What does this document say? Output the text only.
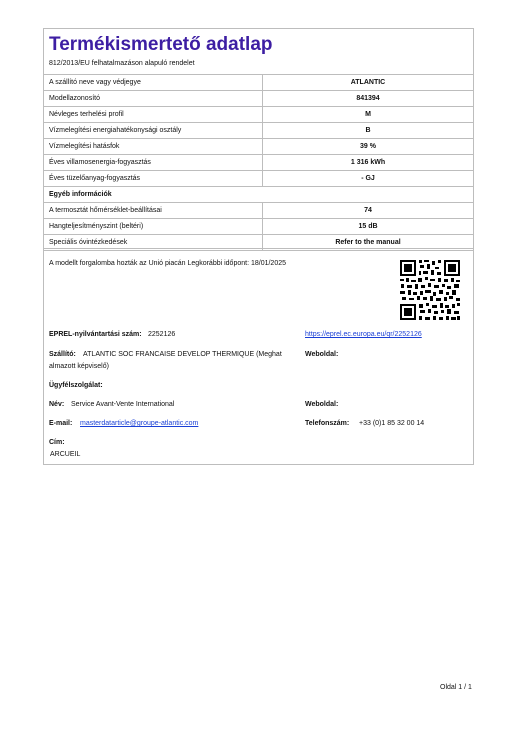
Termékismertető adatlap
812/2013/EU felhatalmazáson alapuló rendelet
A szállító neve vagy védjegye	ATLANTIC
Modellazonosító	841394
Névleges terhelési profil	M
Vízmelegítési energiahatékonysági osztály	B
Vízmelegítési hatásfok	39 %
Éves villamosenergia-fogyasztás	1 316 kWh
Éves tüzelőanyag-fogyasztás	- GJ
Egyéb információk
A termosztát hőmérséklet-beállításai	74
Hangteljesítményszint (beltéri)	15 dB
Speciális óvintézkedések	Refer to the manual
A modellt forgalomba hozták az Unió piacán Legkorábbi időpont: 18/01/2025
EPREL-nyilvántartási szám: 2252126	https://eprel.ec.europa.eu/qr/2252126
Szállító: ATLANTIC SOC FRANCAISE DEVELOP THERMIQUE (Meghat
almazott képviselő)
Weboldal:
Ügyfélszolgálat:
Név: Service Avant-Vente International	Weboldal:
E-mail: masterdatarticle@groupe-atlantic.com	Telefonszám: +33 (0)1 85 32 00 14
Cím:
ARCUEIL
Oldal 1 / 1
